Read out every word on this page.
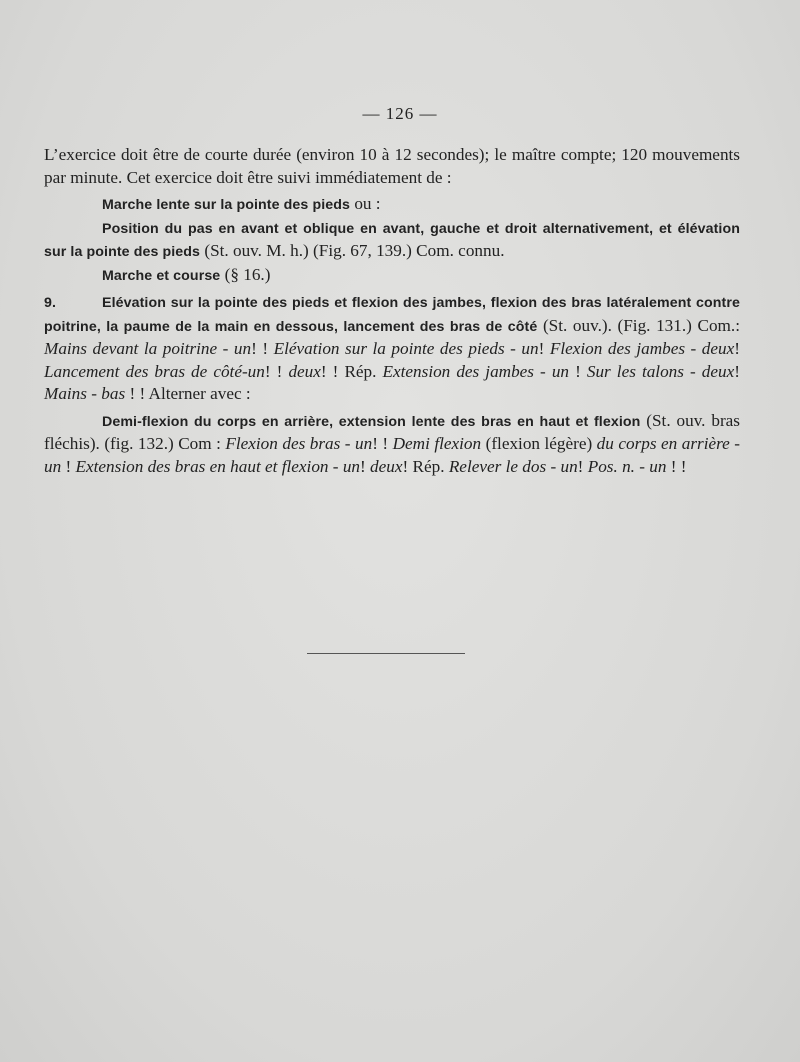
— 126 —

L’exercice doit être de courte durée (environ 10 à 12 secondes); le maître compte; 120 mouvements par minute. Cet exercice doit être suivi immédiatement de :

Marche lente sur la pointe des pieds ou :

Position du pas en avant et oblique en avant, gauche et droit alternativement, et élévation sur la pointe des pieds (St. ouv. M. h.) (Fig. 67, 139.) Com. connu.

Marche et course (§ 16.)

9.	Elévation sur la pointe des pieds et flexion des jambes, flexion des bras latéralement contre poitrine, la paume de la main en dessous, lancement des bras de côté (St. ouv.). (Fig. 131.) Com.: Mains devant la poitrine - un! ! Elévation sur la pointe des pieds - un! Flexion des jambes - deux! Lancement des bras de côté-un! ! deux! ! Rép. Extension des jambes - un ! Sur les talons - deux! Mains - bas ! ! Alterner avec :

Demi-flexion du corps en arrière, extension lente des bras en haut et flexion (St. ouv. bras fléchis). (fig. 132.) Com : Flexion des bras - un! ! Demi flexion (flexion légère) du corps en arrière - un ! Extension des bras en haut et flexion - un! deux! Rép. Relever le dos - un! Pos. n. - un ! !
